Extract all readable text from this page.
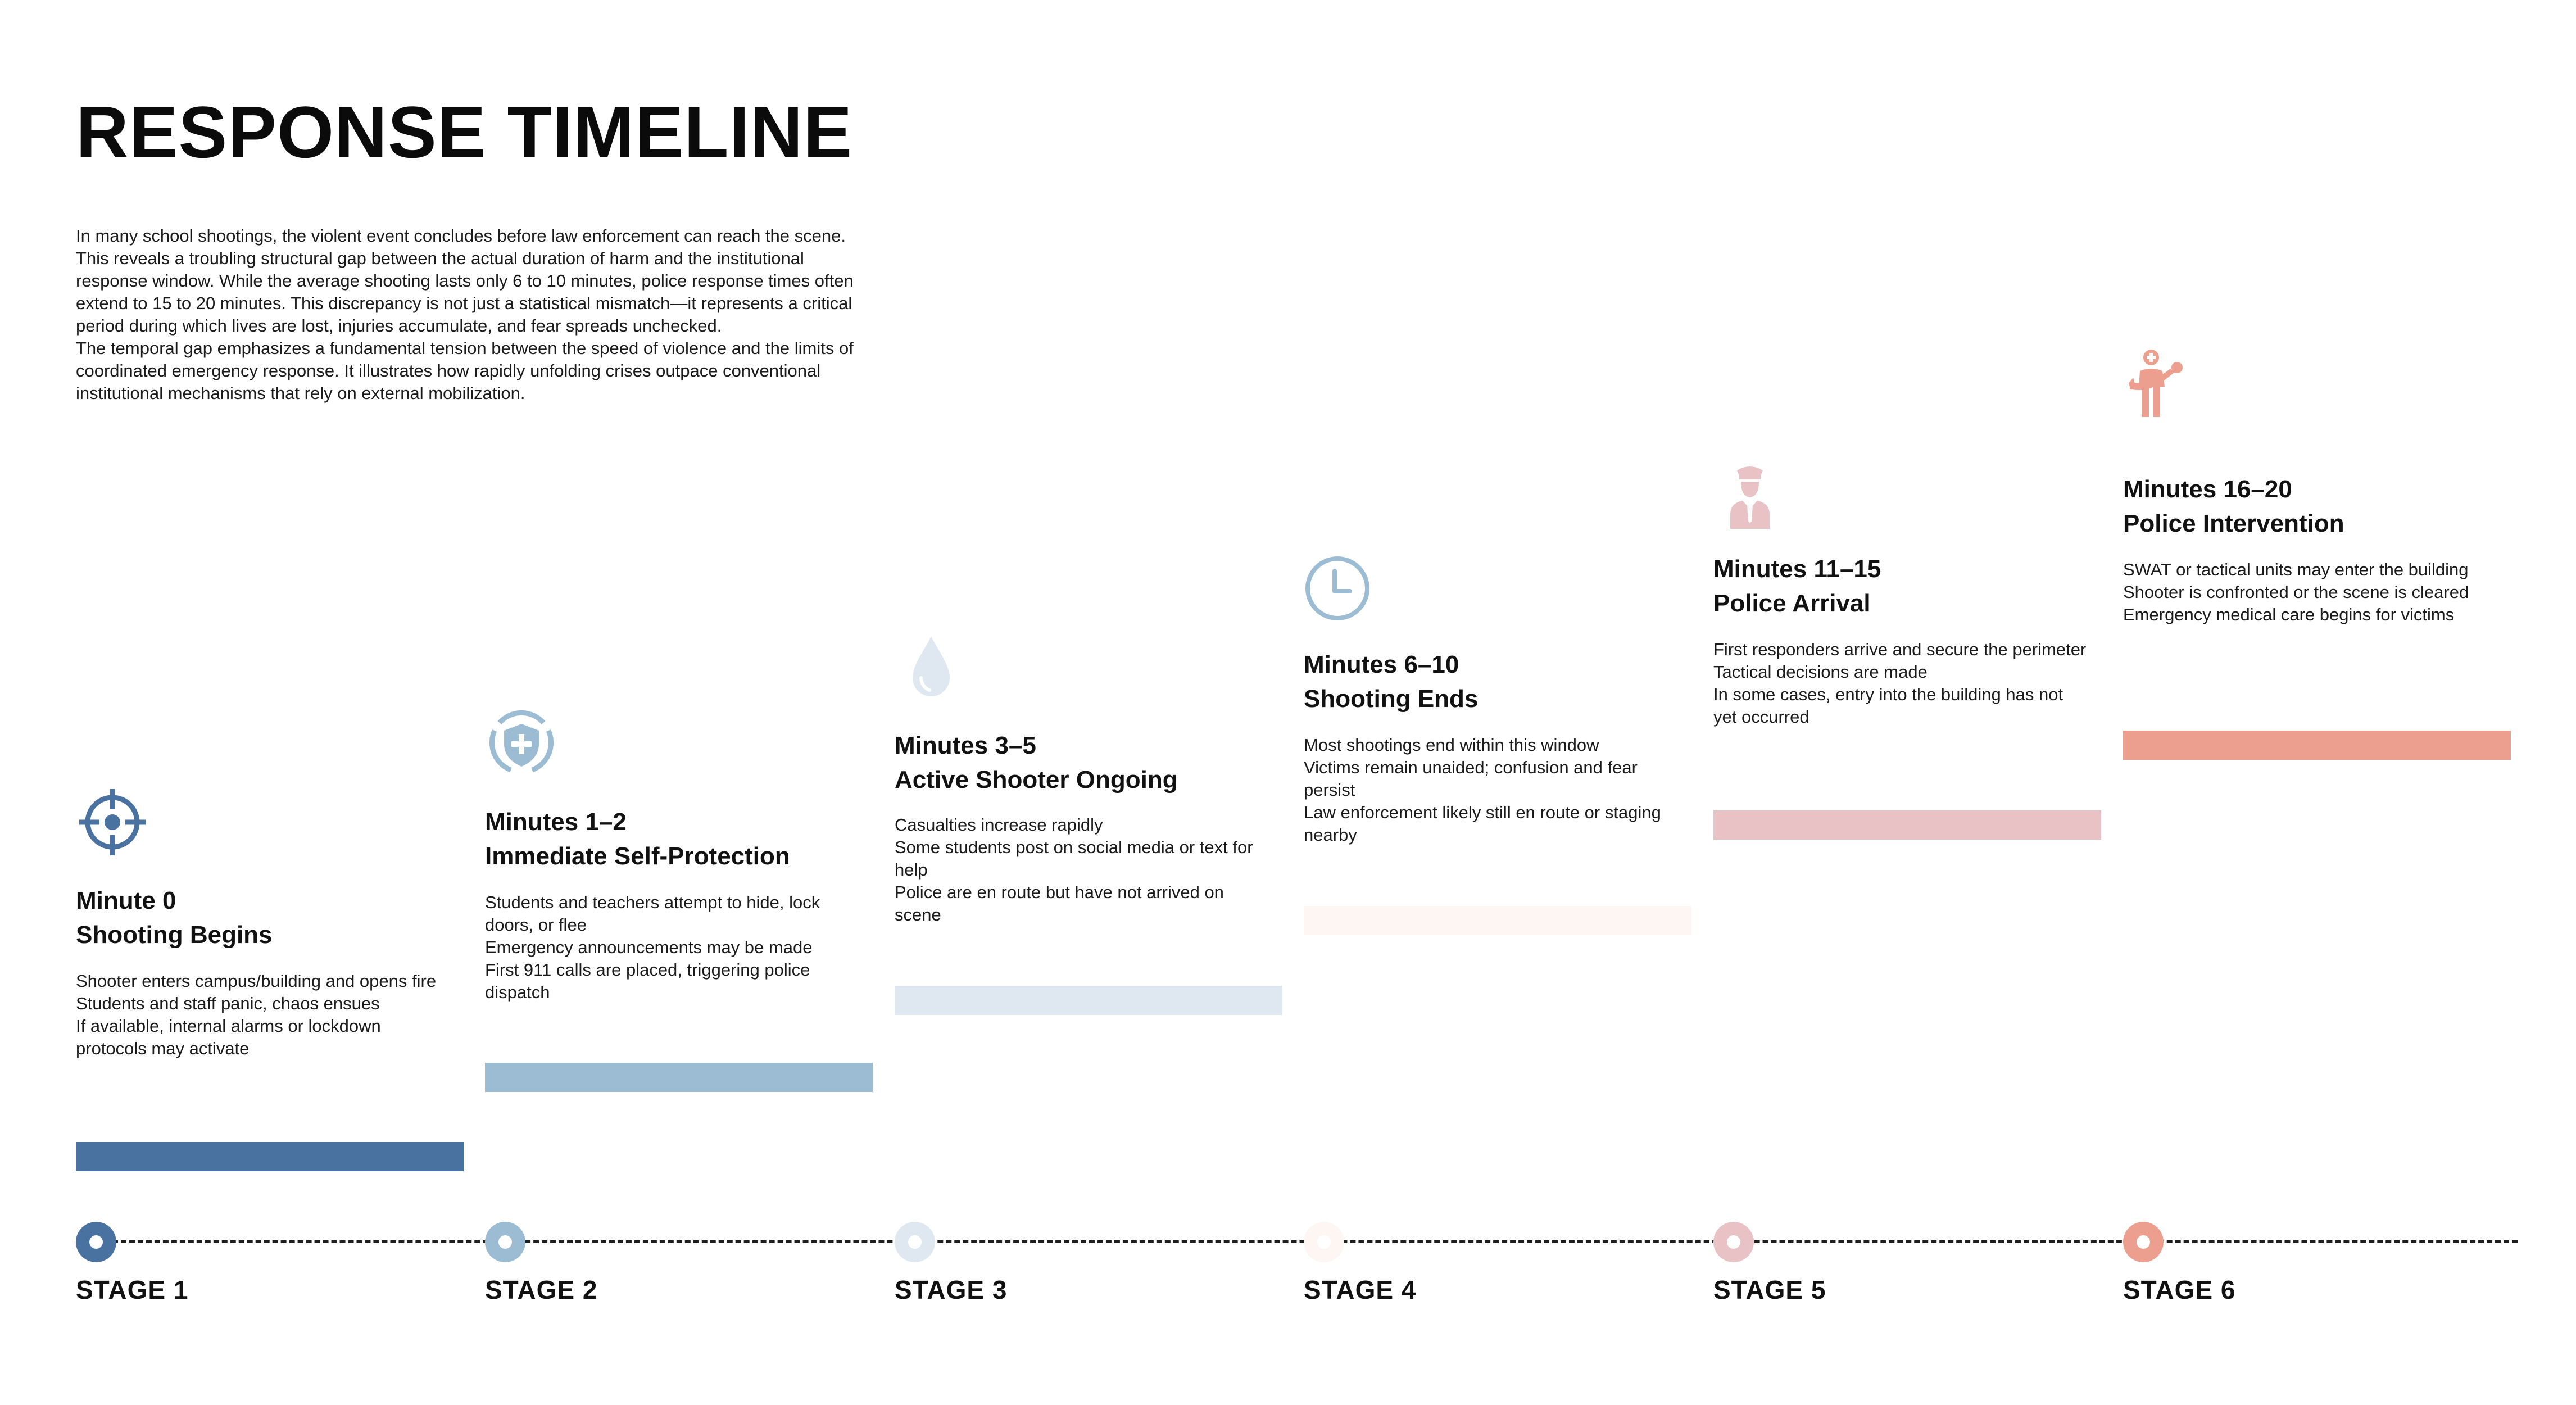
RESPONSE TIMELINE

In many school shootings, the violent event concludes before law enforcement can reach the scene. This reveals a troubling structural gap between the actual duration of harm and the institutional response window. While the average shooting lasts only 6 to 10 minutes, police response times often extend to 15 to 20 minutes. This discrepancy is not just a statistical mismatch—it represents a critical period during which lives are lost, injuries accumulate, and fear spreads unchecked.

The temporal gap emphasizes a fundamental tension between the speed of violence and the limits of coordinated emergency response. It illustrates how rapidly unfolding crises outpace conventional institutional mechanisms that rely on external mobilization.

Minute 0
Shooting Begins
Shooter enters campus/building and opens fire
Students and staff panic, chaos ensues
If available, internal alarms or lockdown
protocols may activate
Minutes 1–2
Immediate Self-Protection
Students and teachers attempt to hide, lock
doors, or flee
Emergency announcements may be made
First 911 calls are placed, triggering police
dispatch
Minutes 3–5
Active Shooter Ongoing
Casualties increase rapidly
Some students post on social media or text for
help
Police are en route but have not arrived on
scene
Minutes 6–10
Shooting Ends
Most shootings end within this window
Victims remain unaided; confusion and fear
persist
Law enforcement likely still en route or staging
nearby
Minutes 11–15
Police Arrival
First responders arrive and secure the perimeter
Tactical decisions are made
In some cases, entry into the building has not
yet occurred
Minutes 16–20
Police Intervention
SWAT or tactical units may enter the building
Shooter is confronted or the scene is cleared
Emergency medical care begins for victims
STAGE 1	STAGE 2	STAGE 3	STAGE 4	STAGE 5	STAGE 6
